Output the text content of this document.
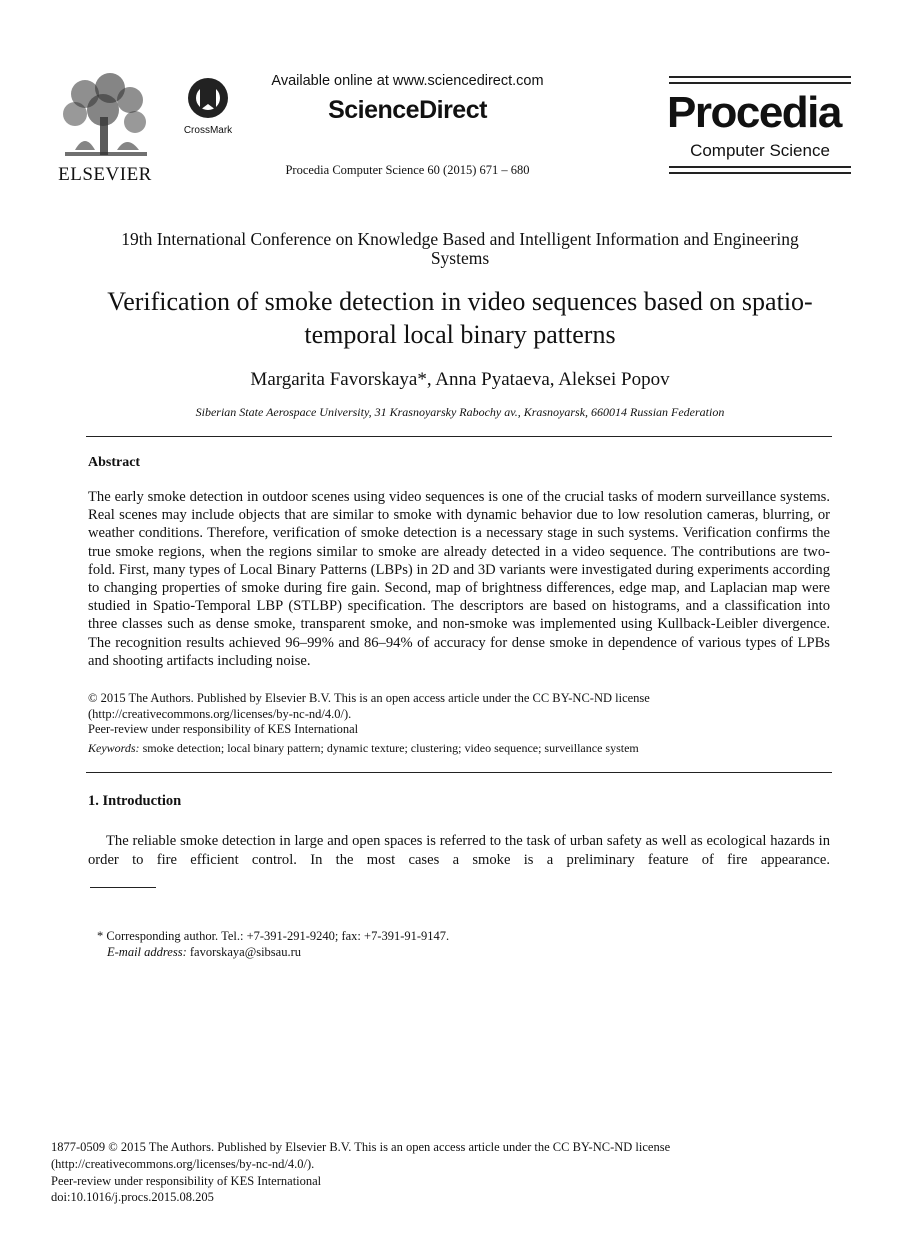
ELSEVIER
CrossMark
Available online at www.sciencedirect.com
ScienceDirect
Procedia Computer Science 60 (2015) 671 – 680
Procedia
Computer Science
19th International Conference on Knowledge Based and Intelligent Information and Engineering
Systems
Verification of smoke detection in video sequences based on spatio-
temporal local binary patterns
Margarita Favorskaya*, Anna Pyataeva, Aleksei Popov
Siberian State Aerospace University, 31 Krasnoyarsky Rabochy av., Krasnoyarsk, 660014 Russian Federation
Abstract
The early smoke detection in outdoor scenes using video sequences is one of the crucial tasks of modern surveillance systems. Real scenes may include objects that are similar to smoke with dynamic behavior due to low resolution cameras, blurring, or weather conditions. Therefore, verification of smoke detection is a necessary stage in such systems. Verification confirms the true smoke regions, when the regions similar to smoke are already detected in a video sequence. The contributions are two-fold. First, many types of Local Binary Patterns (LBPs) in 2D and 3D variants were investigated during experiments according to changing properties of smoke during fire gain. Second, map of brightness differences, edge map, and Laplacian map were studied in Spatio-Temporal LBP (STLBP) specification. The descriptors are based on histograms, and a classification into three classes such as dense smoke, transparent smoke, and non-smoke was implemented using Kullback-Leibler divergence. The recognition results achieved 96–99% and 86–94% of accuracy for dense smoke in dependence of various types of LPBs and shooting artifacts including noise.
© 2015 The Authors. Published by Elsevier B.V. This is an open access article under the CC BY-NC-ND license
(http://creativecommons.org/licenses/by-nc-nd/4.0/).
Peer-review under responsibility of KES International
Keywords: smoke detection; local binary pattern; dynamic texture; clustering; video sequence; surveillance system
1. Introduction
The reliable smoke detection in large and open spaces is referred to the task of urban safety as well as ecological hazards in order to fire efficient control. In the most cases a smoke is a preliminary feature of fire appearance.
* Corresponding author. Tel.: +7-391-291-9240; fax: +7-391-91-9147.
E-mail address: favorskaya@sibsau.ru
1877-0509 © 2015 The Authors. Published by Elsevier B.V. This is an open access article under the CC BY-NC-ND license
(http://creativecommons.org/licenses/by-nc-nd/4.0/).
Peer-review under responsibility of KES International
doi:10.1016/j.procs.2015.08.205
